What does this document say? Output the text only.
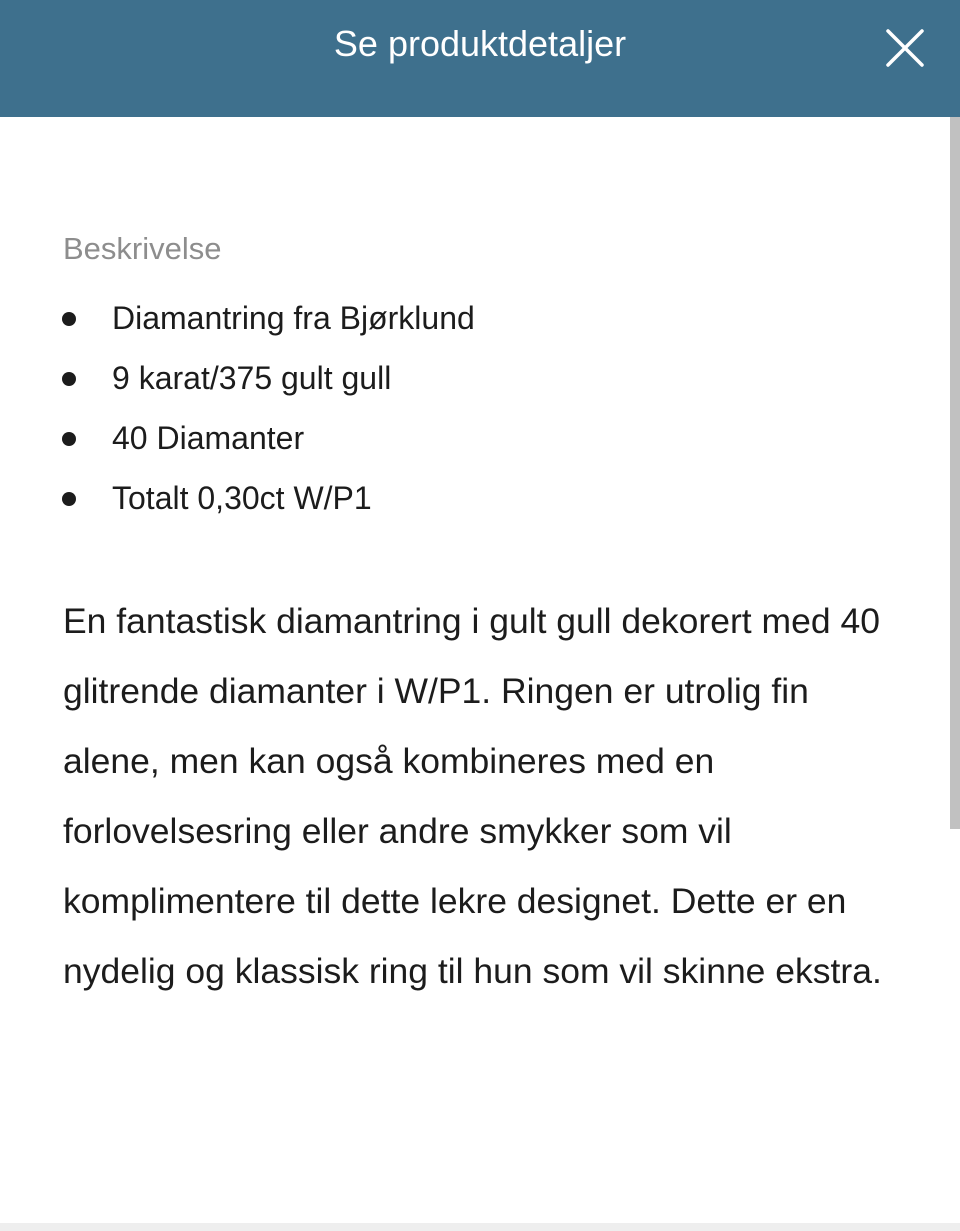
Se produktdetaljer
Beskrivelse
Diamantring fra Bjørklund
9 karat/375 gult gull
40 Diamanter
Totalt 0,30ct W/P1

En fantastisk diamantring i gult gull dekorert med 40 glitrende diamanter i W/P1. Ringen er utrolig fin alene, men kan også kombineres med en forlovelsesring eller andre smykker som vil komplimentere til dette lekre designet. Dette er en nydelig og klassisk ring til hun som vil skinne ekstra.
